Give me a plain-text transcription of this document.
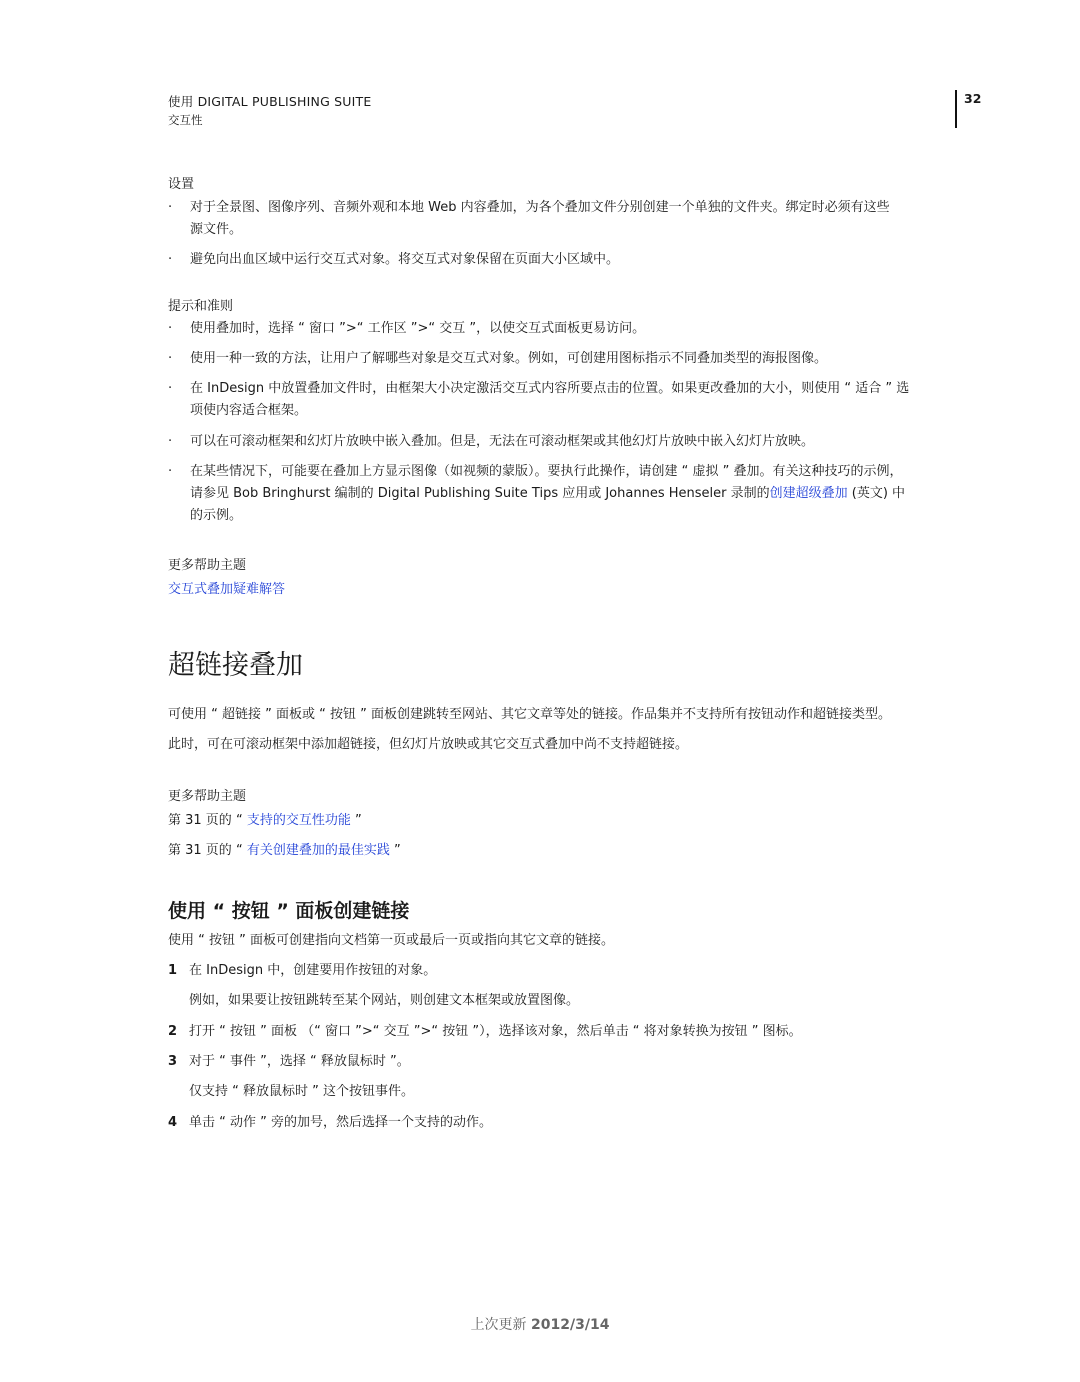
使用 DIGITAL PUBLISHING SUITE
交互性
32
设置
· 对于全景图、图像序列、音频外观和本地 Web 内容叠加，为各个叠加文件分别创建一个单独的文件夹。绑定时必须有这些
源文件。
· 避免向出血区域中运行交互式对象。将交互式对象保留在页面大小区域中。
提示和准则
· 使用叠加时，选择 “ 窗口 ”>“ 工作区 ”>“ 交互 ”，以使交互式面板更易访问。
· 使用一种一致的方法，让用户了解哪些对象是交互式对象。例如，可创建用图标指示不同叠加类型的海报图像。
· 在 InDesign 中放置叠加文件时，由框架大小决定激活交互式内容所要点击的位置。如果更改叠加的大小，则使用 “ 适合 ” 选
项使内容适合框架。
· 可以在可滚动框架和幻灯片放映中嵌入叠加。但是，无法在可滚动框架或其他幻灯片放映中嵌入幻灯片放映。
· 在某些情况下，可能要在叠加上方显示图像（如视频的蒙版）。要执行此操作，请创建 “ 虚拟 ” 叠加。有关这种技巧的示例，
请参见 Bob Bringhurst 编制的 Digital Publishing Suite Tips 应用或 Johannes Henseler 录制的创建超级叠加 (英文) 中
的示例。
更多帮助主题
交互式叠加疑难解答
超链接叠加
可使用 “ 超链接 ” 面板或 “ 按钮 ” 面板创建跳转至网站、其它文章等处的链接。作品集并不支持所有按钮动作和超链接类型。
此时，可在可滚动框架中添加超链接，但幻灯片放映或其它交互式叠加中尚不支持超链接。
更多帮助主题
第 31 页的 “ 支持的交互性功能 ”
第 31 页的 “ 有关创建叠加的最佳实践 ”
使用 “ 按钮 ” 面板创建链接
使用 “ 按钮 ” 面板可创建指向文档第一页或最后一页或指向其它文章的链接。
1 在 InDesign 中，创建要用作按钮的对象。
例如，如果要让按钮跳转至某个网站，则创建文本框架或放置图像。
2 打开 “ 按钮 ” 面板 （“ 窗口 ”>“ 交互 ”>“ 按钮 ”），选择该对象，然后单击 “ 将对象转换为按钮 ” 图标。
3 对于 “ 事件 ”，选择 “ 释放鼠标时 ”。
仅支持 “ 释放鼠标时 ” 这个按钮事件。
4 单击 “ 动作 ” 旁的加号，然后选择一个支持的动作。
上次更新 2012/3/14
